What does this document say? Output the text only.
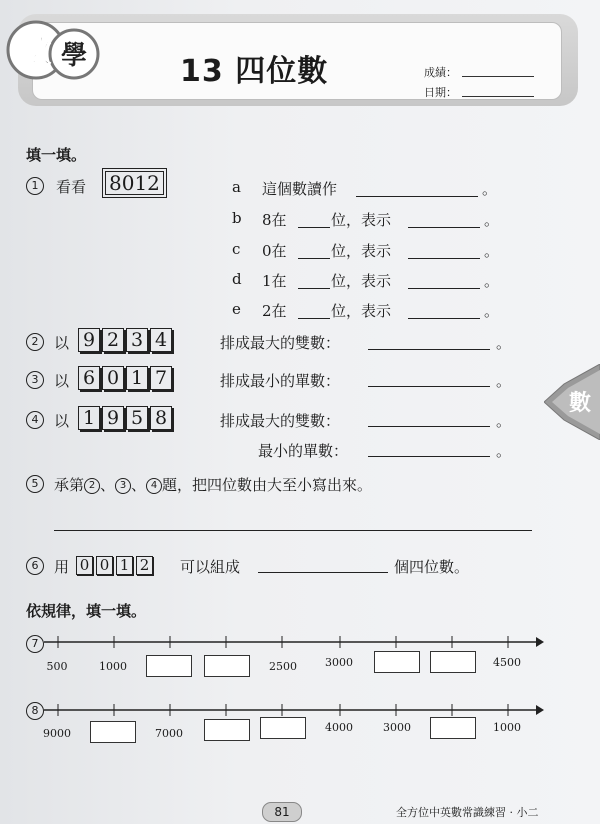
數 學	13 四位數	成績：
日期：
填一填。
1	看看 8012	a 這個數讀作	。
b 8在	位，表示	。
c 0在	位，表示	。
d 1在	位，表示	。
e 2在	位，表示	。
2	以 9 2 3 4	排成最大的雙數：	。
3	以 6 0 1 7	排成最小的單數：	。
4	以 1 9 5 8	排成最大的雙數：	。
最小的單數：	。
5	承第 2 、 3 、 4 題，把四位數由大至小寫出來。
6	用 0 0 1 2	可以組成	個四位數。
依規律，填一填。
7
500	1000	2500	3000	4500
8
9000	7000	4000	3000	1000
數
81	全方位中英數常識練習 · 小二
